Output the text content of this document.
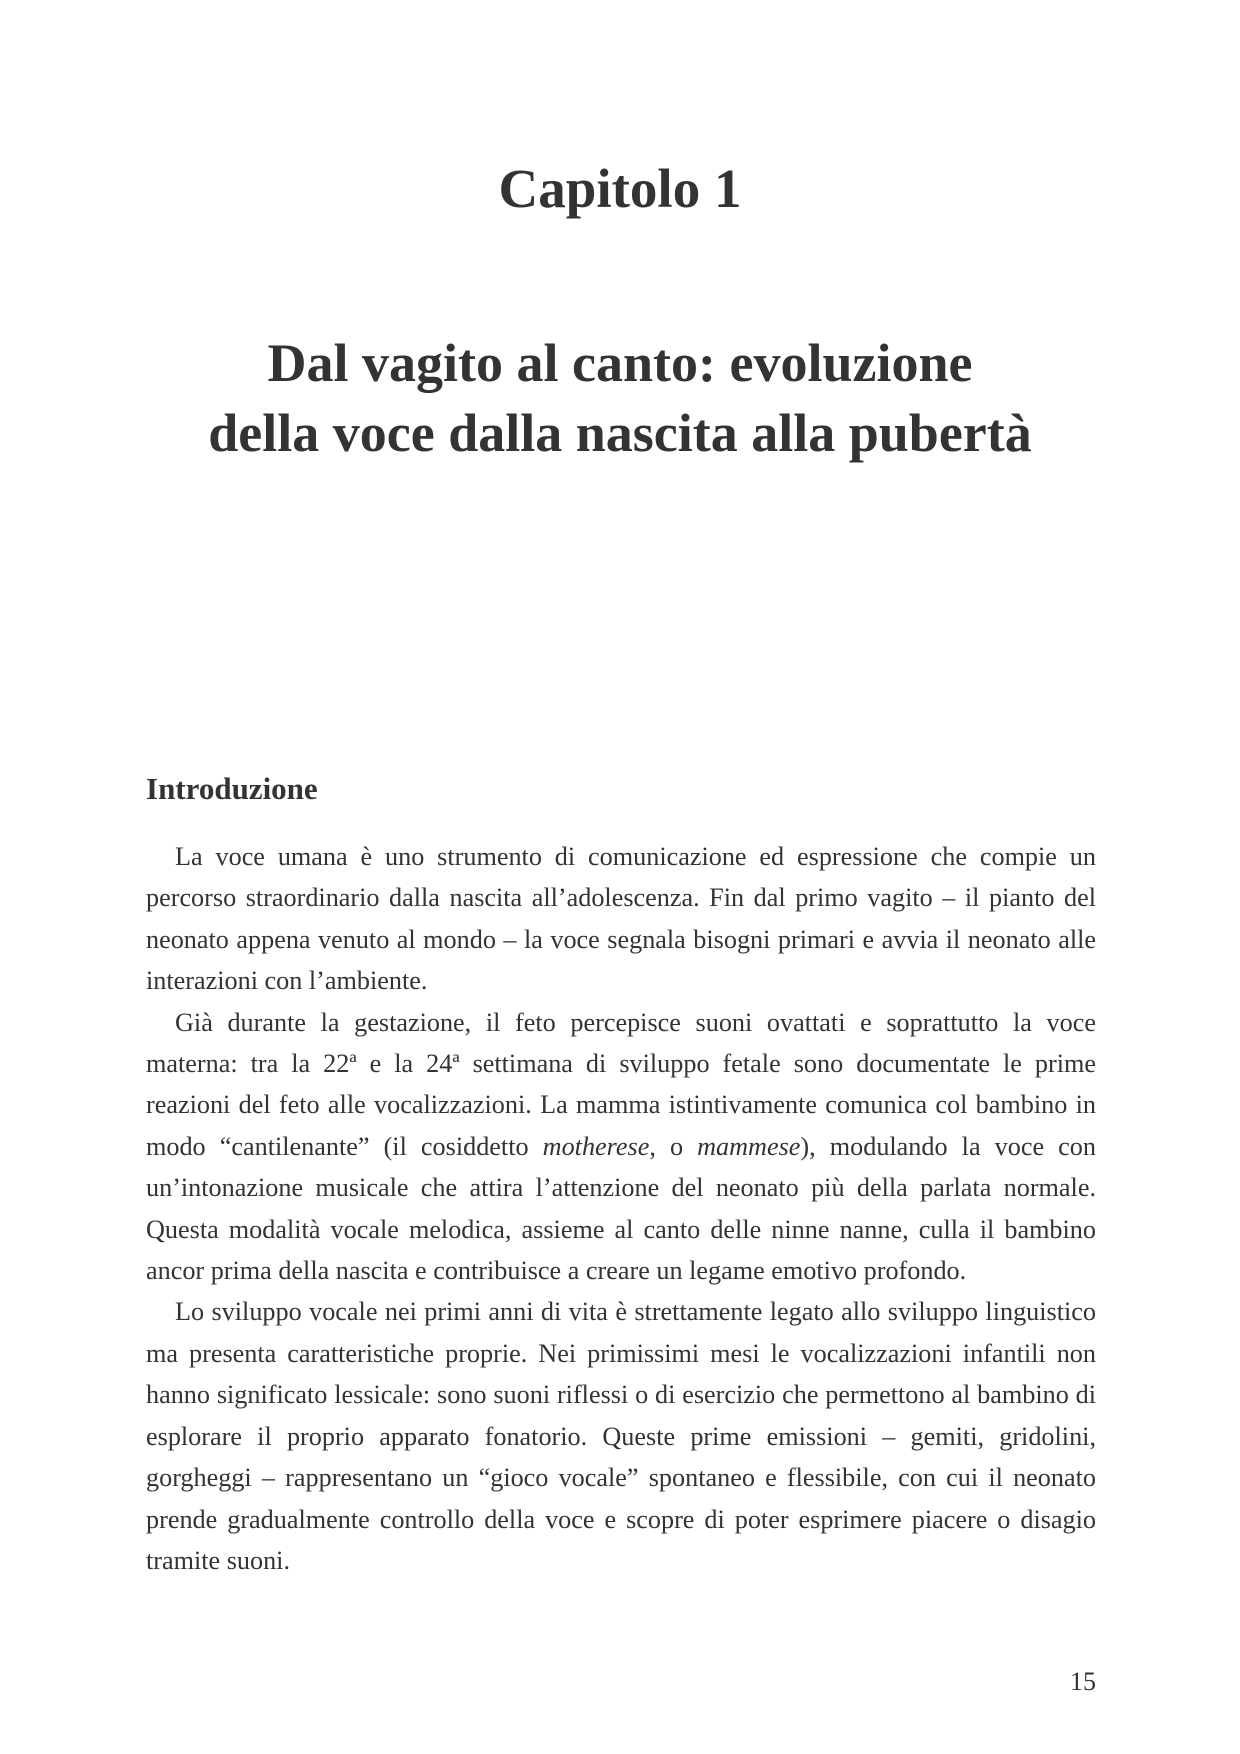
Capitolo 1
Dal vagito al canto: evoluzione
della voce dalla nascita alla pubertà
Introduzione

La voce umana è uno strumento di comunicazione ed espressione che compie un percorso straordinario dalla nascita all’adolescenza. Fin dal primo vagito – il pianto del neonato appena venuto al mondo – la voce segnala bisogni primari e avvia il neonato alle interazioni con l’ambiente.

Già durante la gestazione, il feto percepisce suoni ovattati e soprattutto la voce materna: tra la 22ª e la 24ª settimana di sviluppo fetale sono documentate le prime reazioni del feto alle vocalizzazioni. La mamma istintivamente comunica col bambino in modo “cantilenante” (il cosiddetto motherese, o mammese), modulando la voce con un’intonazione musicale che attira l’attenzione del neonato più della parlata normale. Questa modalità vocale melodica, assieme al canto delle ninne nanne, culla il bambino ancor prima della nascita e contribuisce a creare un legame emotivo profondo.

Lo sviluppo vocale nei primi anni di vita è strettamente legato allo sviluppo linguistico ma presenta caratteristiche proprie. Nei primissimi mesi le vocalizzazioni infantili non hanno significato lessicale: sono suoni riflessi o di esercizio che permettono al bambino di esplorare il proprio apparato fonatorio. Queste prime emissioni – gemiti, gridolini, gorgheggi – rappresentano un “gioco vocale” spontaneo e flessibile, con cui il neonato prende gradualmente controllo della voce e scopre di poter esprimere piacere o disagio tramite suoni.

15
